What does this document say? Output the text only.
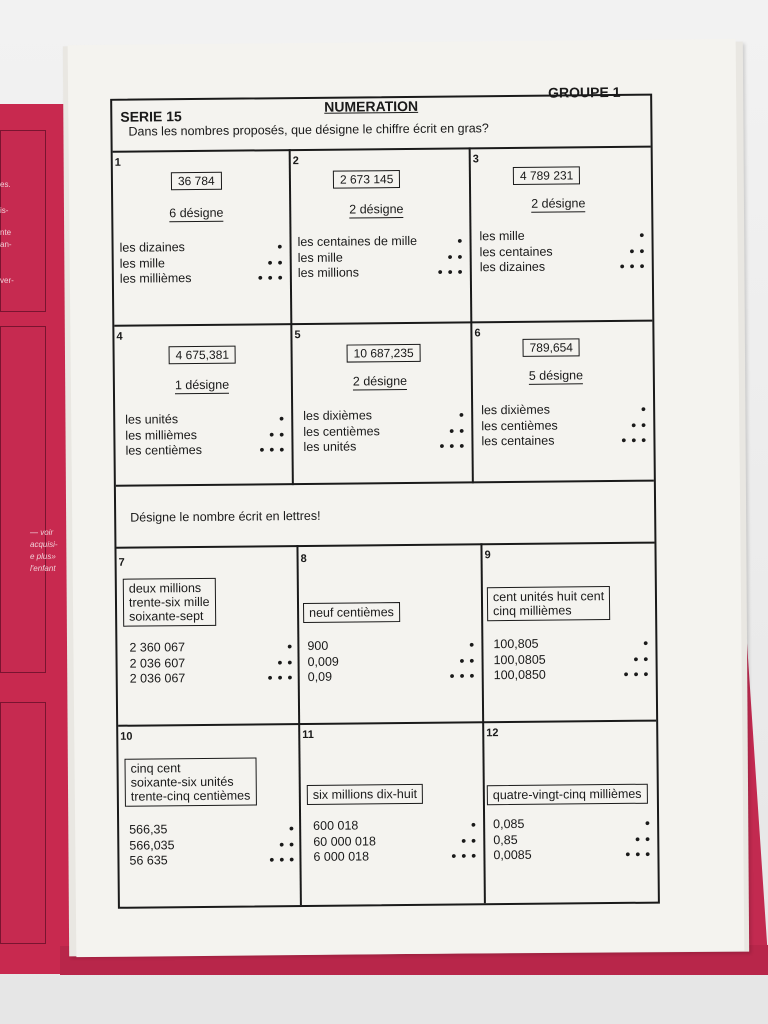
es.
is-
nte
an-
ver-
— voir
acquisi-
e plus»
l'enfant
SERIE 15
NUMERATION
GROUPE 1
Dans les nombres proposés, que désigne le chiffre écrit en gras?
Désigne le nombre écrit en lettres!
1
36 784
6 désigne
les dizaines
les mille
les millièmes
●
● ●
● ● ●
2
2 673 145
2 désigne
les centaines de mille
les mille
les millions
●
● ●
● ● ●
3
4 789 231
2 désigne
les mille
les centaines
les dizaines
●
● ●
● ● ●
4
4 675,381
1 désigne
les unités
les millièmes
les centièmes
●
● ●
● ● ●
5
10 687,235
2 désigne
les dixièmes
les centièmes
les unités
●
● ●
● ● ●
6
789,654
5 désigne
les dixièmes
les centièmes
les centaines
●
● ●
● ● ●
7
deux millions
trente-six mille
soixante-sept
2 360 067
2 036 607
2 036 067
●
● ●
● ● ●
8
neuf centièmes
900
0,009
0,09
●
● ●
● ● ●
9
cent unités huit cent
cinq millièmes
100,805
100,0805
100,0850
●
● ●
● ● ●
10
cinq cent
soixante-six unités
trente-cinq centièmes
566,35
566,035
56 635
●
● ●
● ● ●
11
six millions dix-huit
600 018
60 000 018
6 000 018
●
● ●
● ● ●
12
quatre-vingt-cinq millièmes
0,085
0,85
0,0085
●
● ●
● ● ●
